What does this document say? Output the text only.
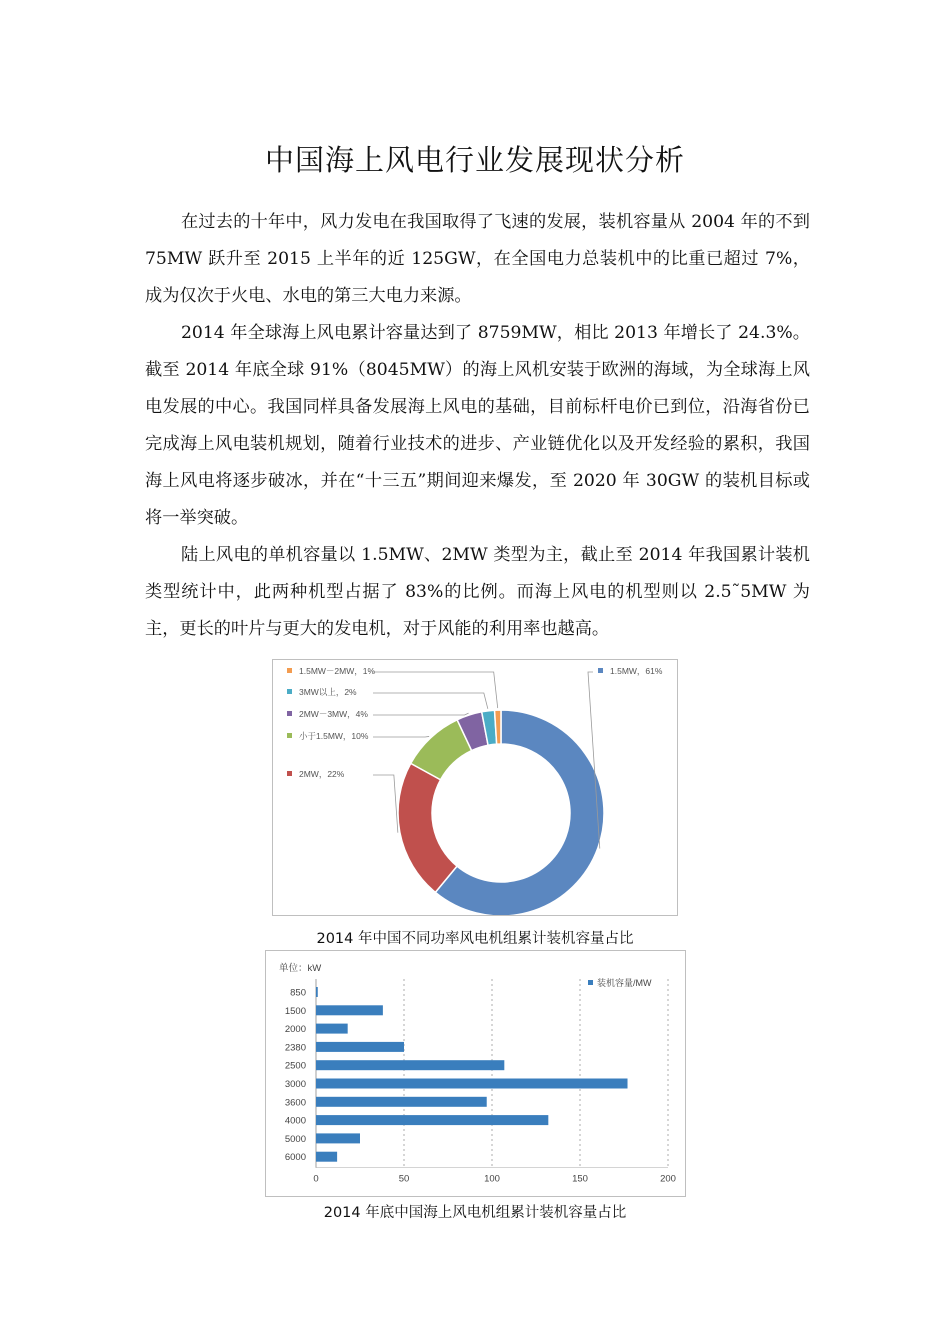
中国海上风电行业发展现状分析

在过去的十年中，风力发电在我国取得了飞速的发展，装机容量从 2004 年的不到 75MW 跃升至 2015 上半年的近 125GW，在全国电力总装机中的比重已超过 7%，成为仅次于火电、水电的第三大电力来源。

2014 年全球海上风电累计容量达到了 8759MW，相比 2013 年增长了 24.3%。截至 2014 年底全球 91%（8045MW）的海上风机安装于欧洲的海域，为全球海上风电发展的中心。我国同样具备发展海上风电的基础，目前标杆电价已到位，沿海省份已完成海上风电装机规划，随着行业技术的进步、产业链优化以及开发经验的累积，我国海上风电将逐步破冰，并在“十三五”期间迎来爆发，至 2020 年 30GW 的装机目标或将一举突破。

陆上风电的单机容量以 1.5MW、2MW 类型为主，截止至 2014 年我国累计装机类型统计中，此两种机型占据了 83%的比例。而海上风电的机型则以 2.5˜5MW 为主，更长的叶片与更大的发电机，对于风能的利用率也越高。

1.5MW－2MW，1%
3MW以上，2%
2MW－3MW，4%
小于1.5MW，10%
2MW，22%
1.5MW，61%

2014 年中国不同功率风电机组累计装机容量占比

单位：kW
装机容量/MW
0	50	100	150	200
850
1500
2000
2380
2500
3000
3600
4000
5000
6000

2014 年底中国海上风电机组累计装机容量占比
